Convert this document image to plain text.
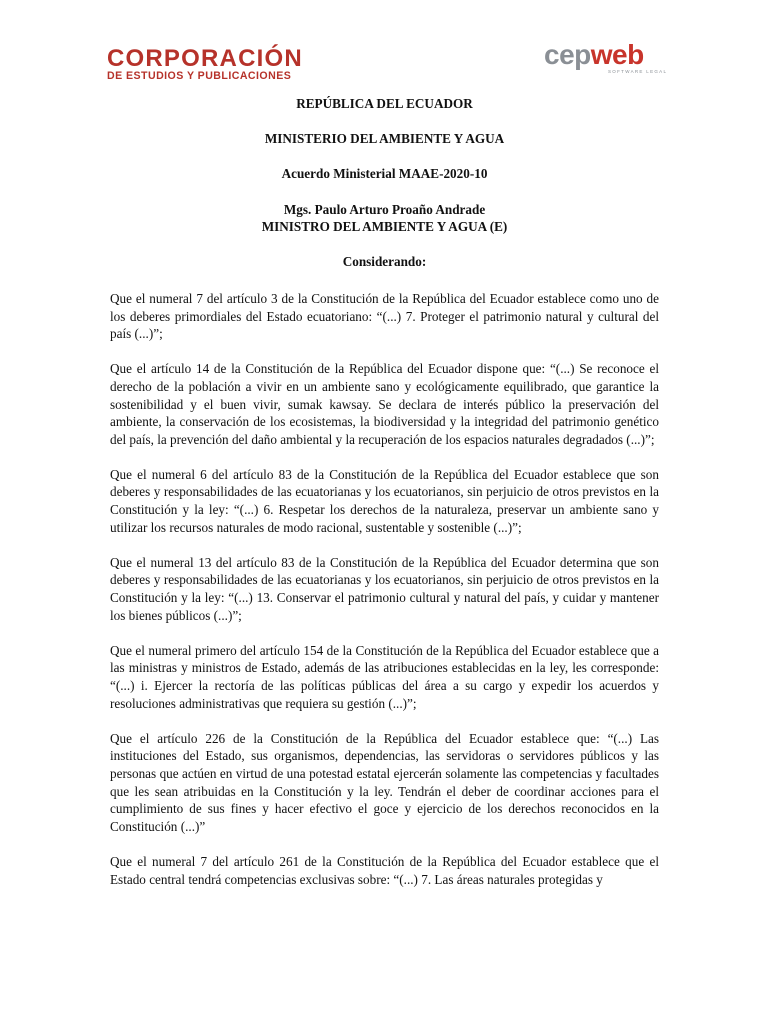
CORPORACIÓN
DE ESTUDIOS Y PUBLICACIONES
cepweb
SOFTWARE LEGAL
REPÚBLICA DEL ECUADOR
MINISTERIO DEL AMBIENTE Y AGUA
Acuerdo Ministerial MAAE-2020-10
Mgs. Paulo Arturo Proaño Andrade
MINISTRO DEL AMBIENTE Y AGUA (E)
Considerando:

Que el numeral 7 del artículo 3 de la Constitución de la República del Ecuador establece como uno de los deberes primordiales del Estado ecuatoriano: “(...) 7. Proteger el patrimonio natural y cultural del país (...)”;

Que el artículo 14 de la Constitución de la República del Ecuador dispone que: “(...) Se reconoce el derecho de la población a vivir en un ambiente sano y ecológicamente equilibrado, que garantice la sostenibilidad y el buen vivir, sumak kawsay. Se declara de interés público la preservación del ambiente, la conservación de los ecosistemas, la biodiversidad y la integridad del patrimonio genético del país, la prevención del daño ambiental y la recuperación de los espacios naturales degradados (...)”;

Que el numeral 6 del artículo 83 de la Constitución de la República del Ecuador establece que son deberes y responsabilidades de las ecuatorianas y los ecuatorianos, sin perjuicio de otros previstos en la Constitución y la ley: “(...) 6. Respetar los derechos de la naturaleza, preservar un ambiente sano y utilizar los recursos naturales de modo racional, sustentable y sostenible (...)”;

Que el numeral 13 del artículo 83 de la Constitución de la República del Ecuador determina que son deberes y responsabilidades de las ecuatorianas y los ecuatorianos, sin perjuicio de otros previstos en la Constitución y la ley: “(...) 13. Conservar el patrimonio cultural y natural del país, y cuidar y mantener los bienes públicos (...)”;

Que el numeral primero del artículo 154 de la Constitución de la República del Ecuador establece que a las ministras y ministros de Estado, además de las atribuciones establecidas en la ley, les corresponde: “(...) i. Ejercer la rectoría de las políticas públicas del área a su cargo y expedir los acuerdos y resoluciones administrativas que requiera su gestión (...)”;

Que el artículo 226 de la Constitución de la República del Ecuador establece que: “(...) Las instituciones del Estado, sus organismos, dependencias, las servidoras o servidores públicos y las personas que actúen en virtud de una potestad estatal ejercerán solamente las competencias y facultades que les sean atribuidas en la Constitución y la ley. Tendrán el deber de coordinar acciones para el cumplimiento de sus fines y hacer efectivo el goce y ejercicio de los derechos reconocidos en la Constitución (...)”

Que el numeral 7 del artículo 261 de la Constitución de la República del Ecuador establece que el Estado central tendrá competencias exclusivas sobre: “(...) 7. Las áreas naturales protegidas y
